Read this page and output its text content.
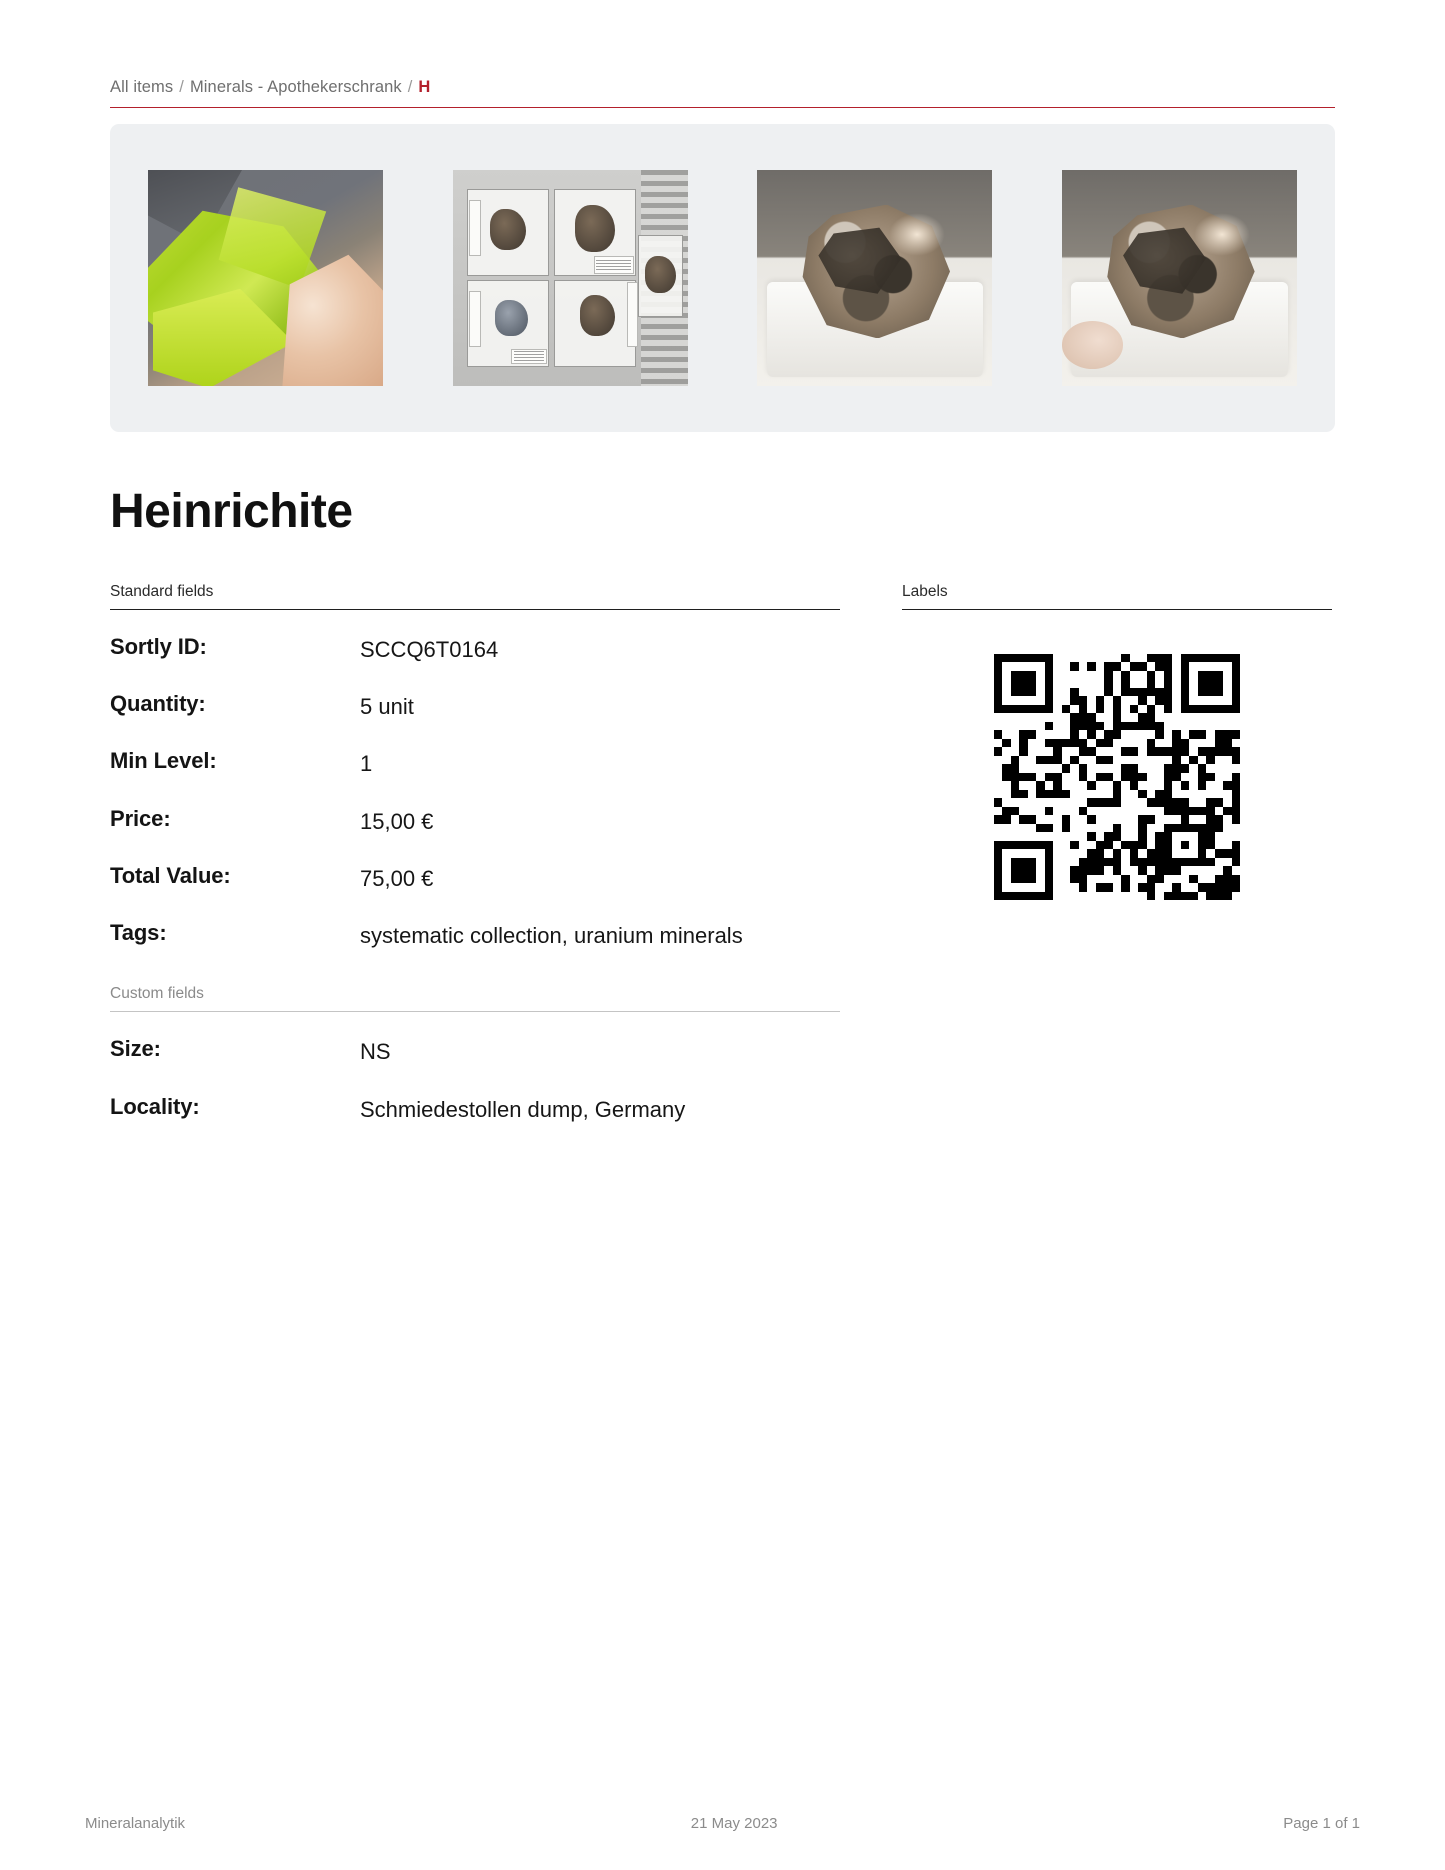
All items / Minerals - Apothekerschrank / H
Heinrichite
Standard fields
Sortly ID:	SCCQ6T0164
Quantity:	5 unit
Min Level:	1
Price:	15,00 €
Total Value:	75,00 €
Tags:	systematic collection, uranium minerals
Custom fields
Size:	NS
Locality:	Schmiedestollen dump, Germany
Labels
Mineralanalytik	21 May 2023	Page 1 of 1
